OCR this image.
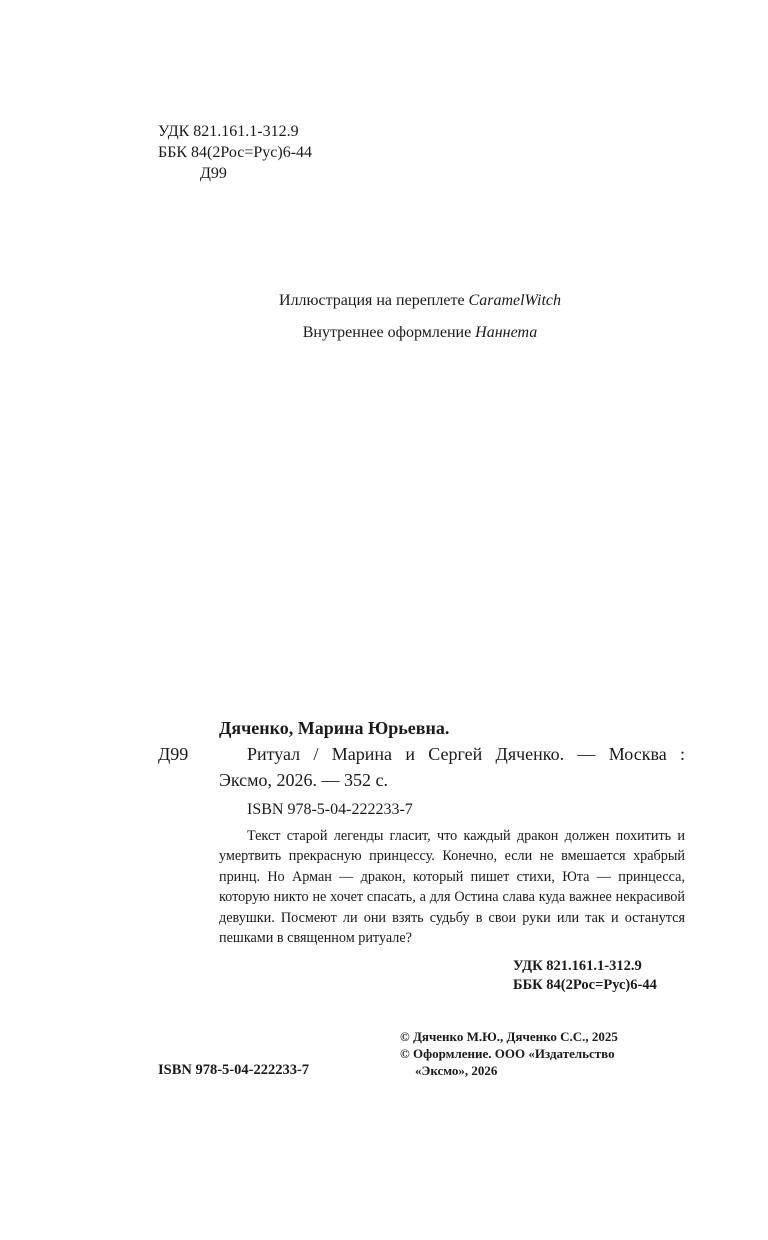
УДК 821.161.1-312.9
ББК 84(2Рос=Рус)6-44
Д99
Иллюстрация на переплете CaramelWitch
Внутреннее оформление Наннета
Дяченко, Марина Юрьевна.
Д99	Ритуал / Марина и Сергей Дяченко. — Москва :
Эксмо, 2026. — 352 с.
ISBN 978-5-04-222233-7
Текст старой легенды гласит, что каждый дракон должен похитить и умертвить прекрасную принцессу. Конечно, если не вмешается храбрый принц. Но Арман — дракон, который пишет стихи, Юта — принцесса, которую никто не хочет спасать, а для Остина слава куда важнее некрасивой девушки. Посмеют ли они взять судьбу в свои руки или так и останутся пешками в священном ритуале?
УДК 821.161.1-312.9
ББК 84(2Рос=Рус)6-44
ISBN 978-5-04-222233-7
© Дяченко М.Ю., Дяченко С.С., 2025
© Оформление. ООО «Издательство
«Эксмо», 2026
